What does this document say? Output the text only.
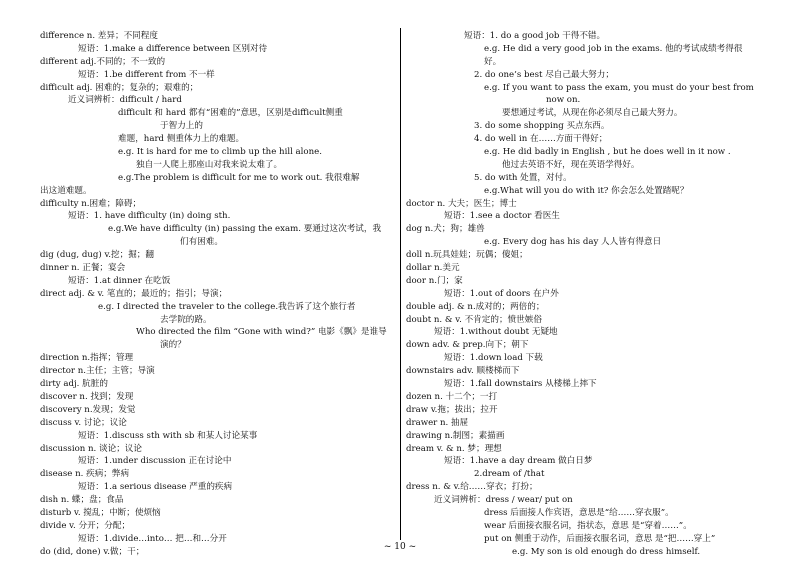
difference n. 差异；不同程度
短语：1.make a difference between 区别对待
different adj.不同的；不一致的
短语：1.be different from 不一样
difficult adj. 困难的；复杂的；艰难的；
近义词辨析：difficult / hard
difficult 和 hard 都有“困难的”意思，区别是difficult侧重
于智力上的
难题，hard 侧重体力上的难题。
e.g. It is hard for me to climb up the hill alone.
独自一人爬上那座山对我来说太难了。
e.g.The problem is difficult for me to work out. 我很难解
出这道难题。
difficulty n.困难；障碍；
短语：1. have difficulty (in) doing sth.
e.g.We have difficulty (in) passing the exam. 要通过这次考试，我
们有困难。
dig (dug, dug) v.挖；掘；翻
dinner n. 正餐；宴会
短语：1.at dinner 在吃饭
direct adj. & v. 笔直的；最近的；指引；导演；
e.g. I directed the traveler to the college.我告诉了这个旅行者
去学院的路。
Who directed the film “Gone with wind?” 电影《飘》是谁导
演的？
direction n.指挥；管理
director n.主任；主管；导演
dirty adj. 肮脏的
discover n. 找到；发现
discovery n.发现；发觉
discuss v. 讨论；议论
短语：1.discuss sth with sb 和某人讨论某事
discussion n. 谈论；议论
短语：1.under discussion 正在讨论中
disease n. 疾病；弊病
短语：1.a serious disease 严重的疾病
dish n. 蝶；盘；食品
disturb v. 搅乱；中断；使烦恼
divide v. 分开；分配；
短语：1.divide…into… 把…和…分开
do (did, done) v.做；干；
短语：1. do a good job 干得不错。
e.g. He did a very good job in the exams. 他的考试成绩考得很
好。
2. do one’s best 尽自己最大努力；
e.g. If you want to pass the exam, you must do your best from
now on.
要想通过考试，从现在你必须尽自己最大努力。
3. do some shopping 买点东西。
4. do well in 在……方面干得好；
e.g. He did badly in English , but he does well in it now .
他过去英语不好，现在英语学得好。
5. do with 处置，对付。
e.g.What will you do with it? 你会怎么处置踏呢？
doctor n. 大夫；医生；博士
短语：1.see a doctor 看医生
dog n.犬；狗；雄兽
e.g. Every dog has his day 人人皆有得意日
doll n.玩具娃娃；玩偶；傻姐；
dollar n.美元
door n.门；家
短语：1.out of doors 在户外
double adj. & n.成对的；两倍的；
doubt n. & v. 不肯定的；愤世嫉俗
短语：1.without doubt 无疑地
down adv. & prep.向下；朝下
短语：1.down load 下载
downstairs adv. 顺楼梯而下
短语：1.fall downstairs 从楼梯上摔下
dozen n. 十二个；一打
draw v.拖；拔出；拉开
drawer n. 抽屉
drawing n.制图；素描画
dream v. & n. 梦；理想
短语：1.have a day dream 做白日梦
2.dream of /that
dress n. & v.给……穿衣；打扮；
近义词辨析：dress / wear/ put on
dress 后面接人作宾语，意思是“给……穿衣服”。
wear 后面接衣服名词，指状态，意思 是“穿着……”。
put on 侧重于动作，后面接衣服名词，意思 是“把……穿上”
e.g. My son is old enough do dress himself.
~ 10 ~
